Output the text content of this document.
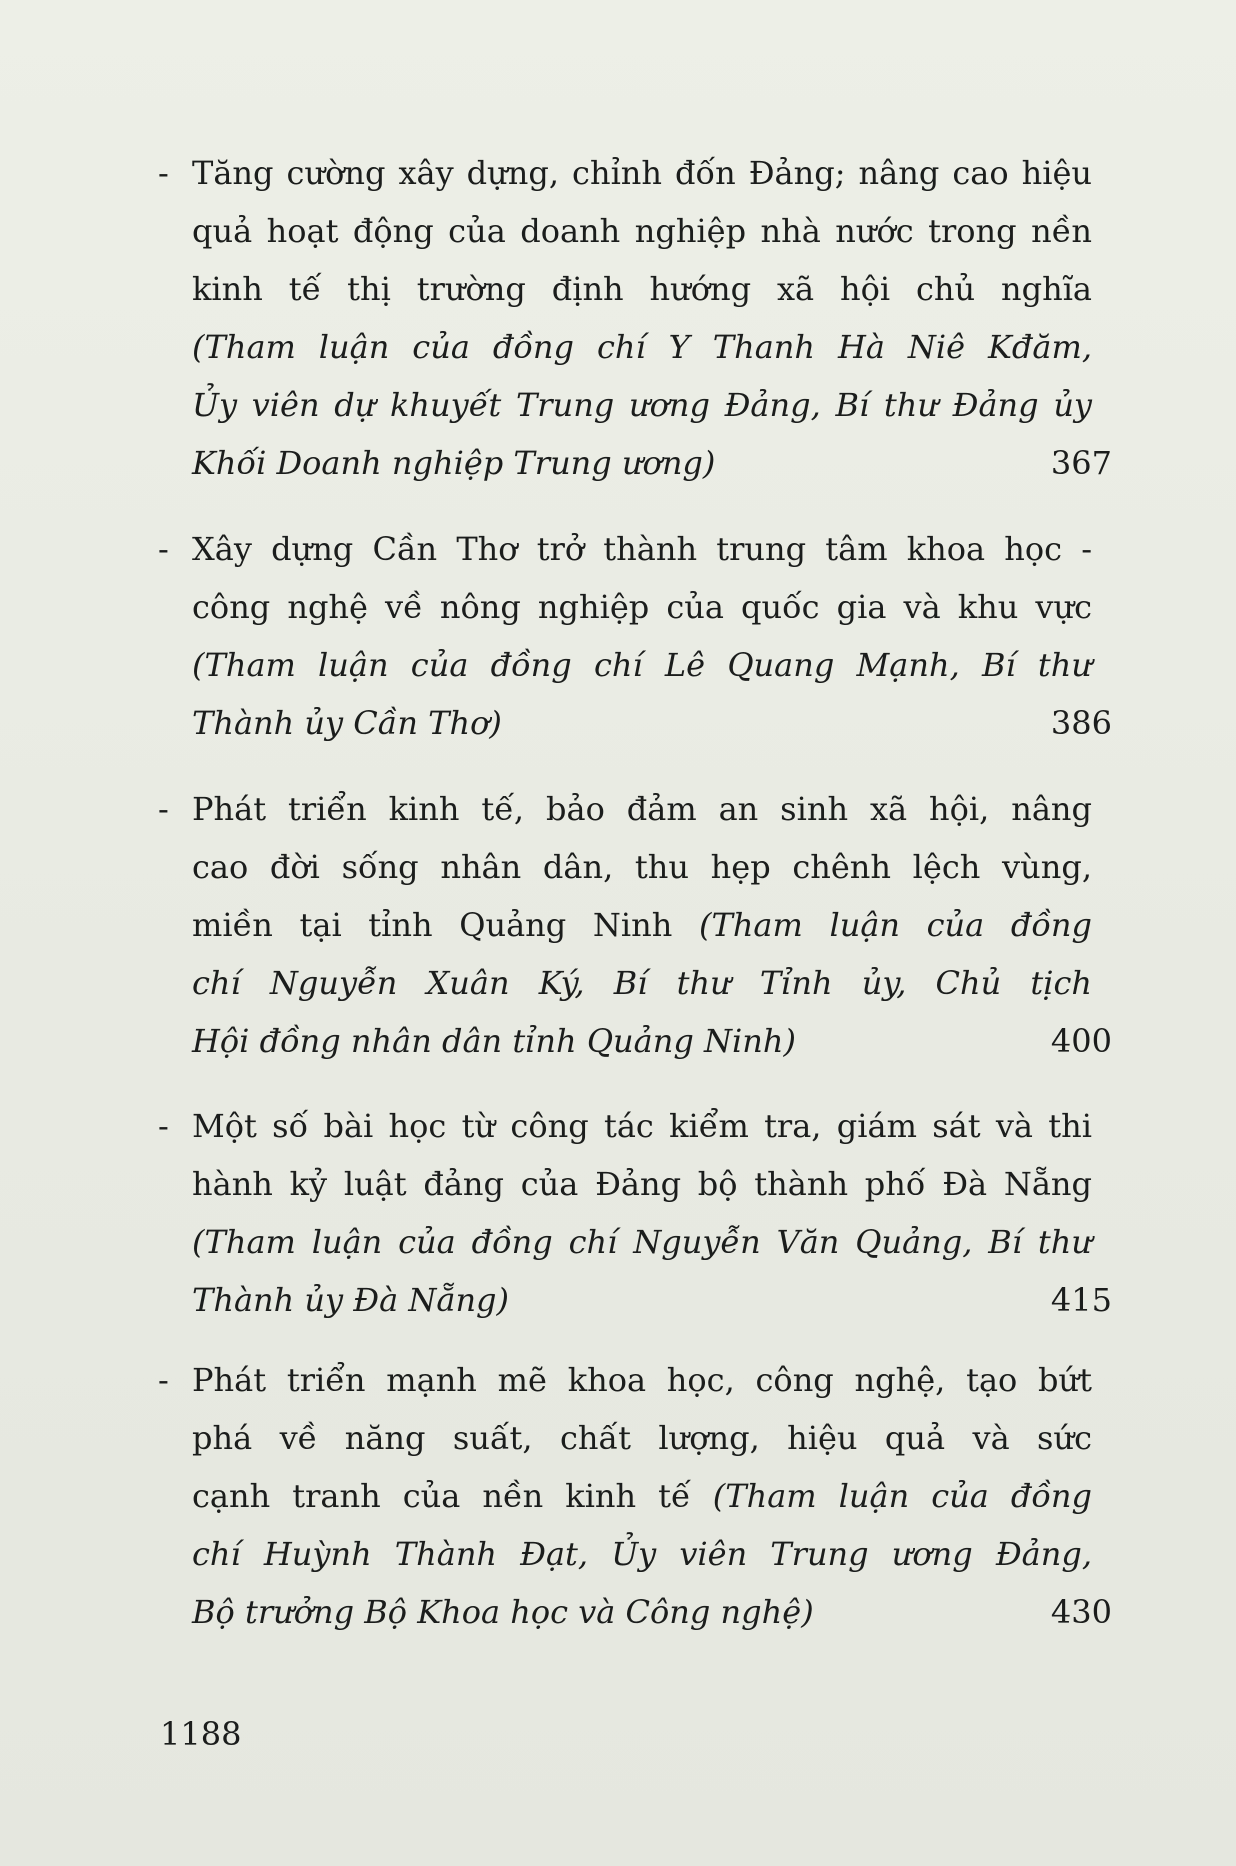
- Tăng cường xây dựng, chỉnh đốn Đảng; nâng cao hiệu
quả hoạt động của doanh nghiệp nhà nước trong nền
kinh tế thị trường định hướng xã hội chủ nghĩa
(Tham luận của đồng chí Y Thanh Hà Niê Kđăm,
Ủy viên dự khuyết Trung ương Đảng, Bí thư Đảng ủy
Khối Doanh nghiệp Trung ương)	367
- Xây dựng Cần Thơ trở thành trung tâm khoa học -
công nghệ về nông nghiệp của quốc gia và khu vực
(Tham luận của đồng chí Lê Quang Mạnh, Bí thư
Thành ủy Cần Thơ)	386
- Phát triển kinh tế, bảo đảm an sinh xã hội, nâng
cao đời sống nhân dân, thu hẹp chênh lệch vùng,
miền tại tỉnh Quảng Ninh (Tham luận của đồng
chí Nguyễn Xuân Ký, Bí thư Tỉnh ủy, Chủ tịch
Hội đồng nhân dân tỉnh Quảng Ninh)	400
- Một số bài học từ công tác kiểm tra, giám sát và thi
hành kỷ luật đảng của Đảng bộ thành phố Đà Nẵng
(Tham luận của đồng chí Nguyễn Văn Quảng, Bí thư
Thành ủy Đà Nẵng)	415
- Phát triển mạnh mẽ khoa học, công nghệ, tạo bứt
phá về năng suất, chất lượng, hiệu quả và sức
cạnh tranh của nền kinh tế (Tham luận của đồng
chí Huỳnh Thành Đạt, Ủy viên Trung ương Đảng,
Bộ trưởng Bộ Khoa học và Công nghệ)	430
1188
